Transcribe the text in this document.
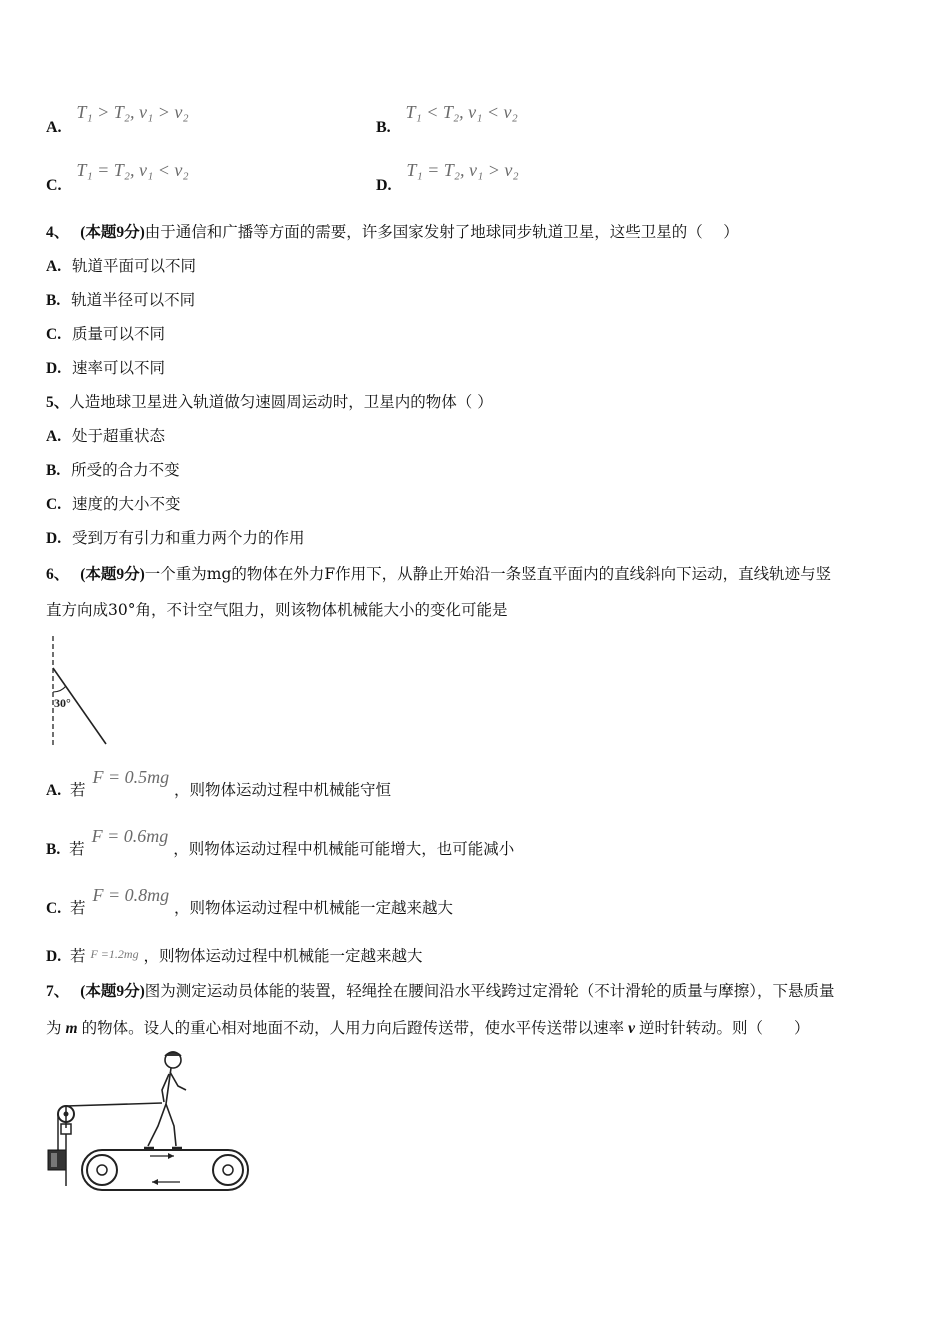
A. T₁ > T₂, v₁ > v₂
B. T₁ < T₂, v₁ < v₂
C. T₁ = T₂, v₁ < v₂
D. T₁ = T₂, v₁ > v₂
4、 (本题9分)由于通信和广播等方面的需要，许多国家发射了地球同步轨道卫星，这些卫星的（　 ）
A. 轨道平面可以不同
B. 轨道半径可以不同
C. 质量可以不同
D. 速率可以不同
5、人造地球卫星进入轨道做匀速圆周运动时，卫星内的物体（ ）
A. 处于超重状态
B. 所受的合力不变
C. 速度的大小不变
D. 受到万有引力和重力两个力的作用
6、 (本题9分)一个重为mg的物体在外力F作用下，从静止开始沿一条竖直平面内的直线斜向下运动，直线轨迹与竖
直方向成30°角，不计空气阻力，则该物体机械能大小的变化可能是
30°
A. 若 F = 0.5mg ，则物体运动过程中机械能守恒
B. 若 F = 0.6mg ，则物体运动过程中机械能可能增大，也可能减小
C. 若 F = 0.8mg ，则物体运动过程中机械能一定越来越大
D. 若 F =1.2mg ，则物体运动过程中机械能一定越来越大
7、 (本题9分)图为测定运动员体能的装置，轻绳拴在腰间沿水平线跨过定滑轮（不计滑轮的质量与摩擦），下悬质量
为 m 的物体。设人的重心相对地面不动，人用力向后蹬传送带，使水平传送带以速率 v 逆时针转动。则（　　）
